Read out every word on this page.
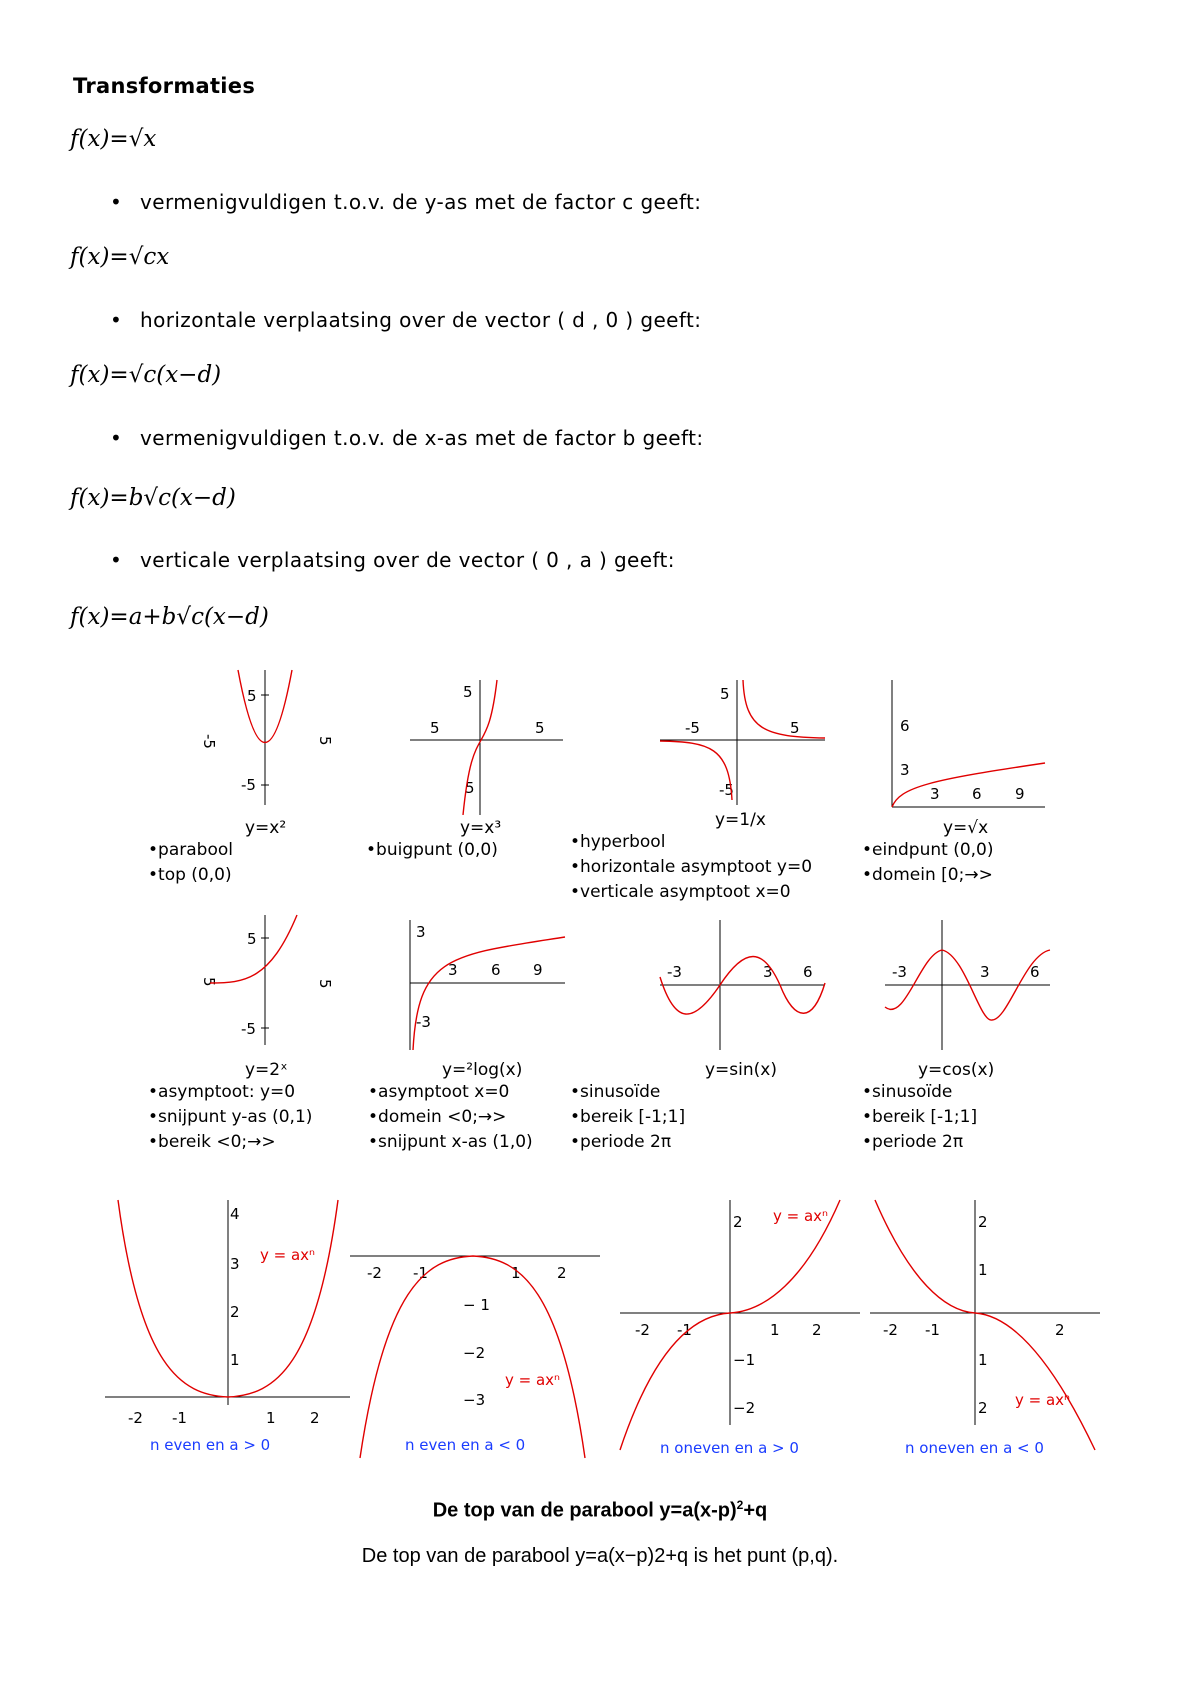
Transformaties
f(x)=√x
• vermenigvuldigen t.o.v. de y-as met de factor c geeft:
f(x)=√cx
• horizontale verplaatsing over de vector ( d , 0 ) geeft:
f(x)=√c(x−d)
• vermenigvuldigen t.o.v. de x-as met de factor b geeft:
f(x)=b√c(x−d)
• verticale verplaatsing over de vector ( 0 , a ) geeft:
f(x)=a+b√c(x−d)
5
-5
-5	5
y=x²
• parabool
• top (0,0)
5
5
5	5
y=x³
• buigpunt (0,0)
5
-5
-5	5
y=1/x
• hyperbool
• horizontale asymptoot y=0
• verticale asymptoot x=0
6
3
3 6 9
y=√x
• eindpunt (0,0)
• domein [0;→>
5
-5
5	5
y=2ˣ
• asymptoot: y=0
• snijpunt y-as (0,1)
• bereik <0;→>
3
-3
3 6 9
y=²log(x)
• asymptoot x=0
• domein <0;→>
• snijpunt x-as (1,0)
-3	3 6
y=sin(x)
• sinusoïde
• bereik [-1;1]
• periode 2π
-3	3	6
y=cos(x)
• sinusoïde
• bereik [-1;1]
• periode 2π
4
3
2
1
-2 -1	1 2
y = axⁿ
n even en a > 0
-2 -1	1 2
− 1
−2
−3
y = axⁿ
n even en a < 0
2
−1
−2
-2 -1	1 2
y = axⁿ
n oneven en a > 0
2
1
1
2
-2 -1	2
y = axⁿ
n oneven en a < 0
De top van de parabool $y=a(x-p)^2+q$
De top van de parabool y=a(x−p)2+q is het punt (p,q).
